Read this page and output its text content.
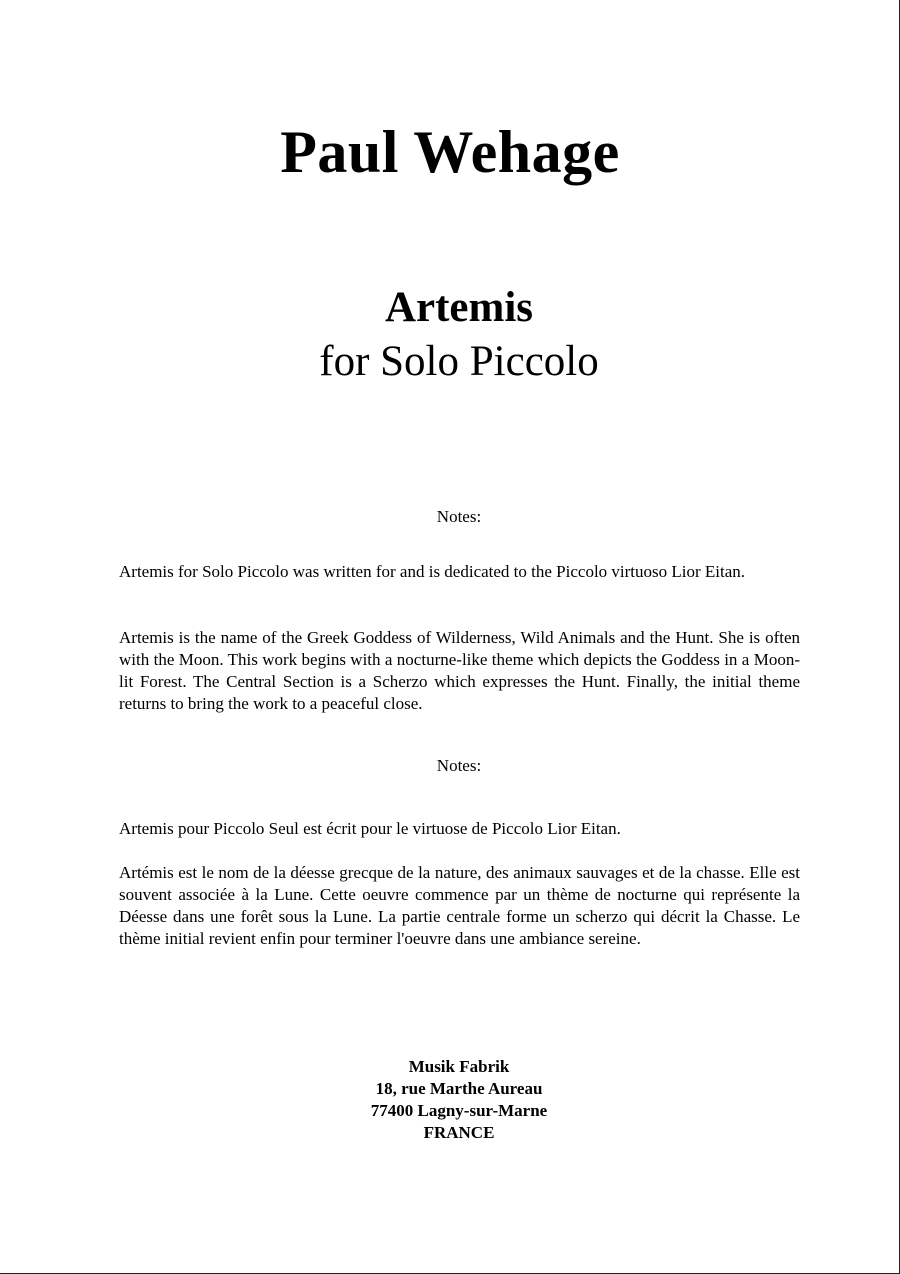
Paul Wehage
Artemis
for Solo Piccolo
Notes:

Artemis for Solo Piccolo was written for and is dedicated to the Piccolo virtuoso Lior Eitan.

Artemis is the name of the Greek Goddess of Wilderness, Wild Animals and the Hunt. She is often with the Moon. This work begins with a nocturne-like theme which depicts the Goddess in a Moon-lit Forest. The Central Section is a Scherzo which expresses the Hunt. Finally, the initial theme returns to bring the work to a peaceful close.

Notes:

Artemis pour Piccolo Seul est écrit pour le virtuose de Piccolo Lior Eitan.

Artémis est le nom de la déesse grecque de la nature, des animaux sauvages et de la chasse. Elle est souvent associée à la Lune. Cette oeuvre commence par un thème de nocturne qui représente la Déesse dans une forêt sous la Lune. La partie centrale forme un scherzo qui décrit la Chasse. Le thème initial revient enfin pour terminer l'oeuvre dans une ambiance sereine.

Musik Fabrik
18, rue Marthe Aureau
77400 Lagny-sur-Marne
FRANCE
